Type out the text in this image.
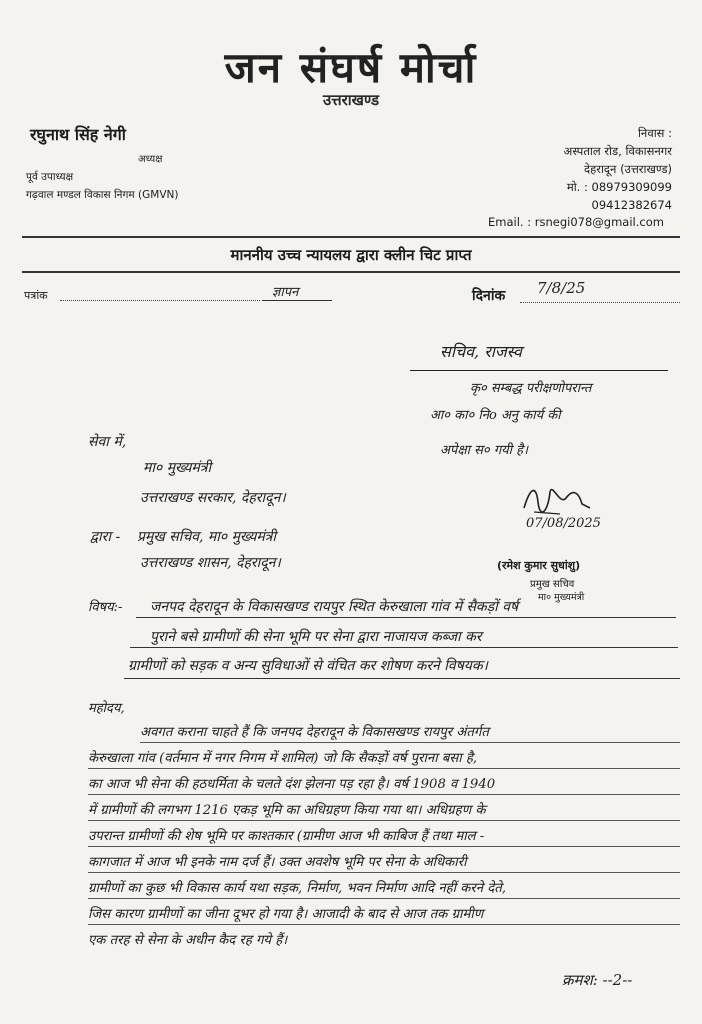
जन संघर्ष मोर्चा
उत्तराखण्ड
रघुनाथ सिंह नेगी
अध्यक्ष
पूर्व उपाध्यक्ष
गढ़वाल मण्डल विकास निगम (GMVN)
निवास :
अस्पताल रोड, विकासनगर
देहरादून (उत्तराखण्ड)
मो. : 08979309099
09412382674
Email. : rsnegi078@gmail.com
माननीय उच्च न्यायलय द्वारा क्लीन चिट प्राप्त
पत्रांक	ज्ञापन	दिनांक 7/8/25
सचिव, राजस्व
कृ० सम्बद्ध परीक्षणोपरान्त
आ० का० निo अनु कार्य की
अपेक्षा स० गयी है।
07/08/2025
(रमेश कुमार सुधांशु)
प्रमुख सचिव
मा० मुख्यमंत्री
सेवा में,
मा० मुख्यमंत्री
उत्तराखण्ड सरकार, देहरादून।
द्वारा - प्रमुख सचिव, मा० मुख्यमंत्री
उत्तराखण्ड शासन, देहरादून।
विषय:- जनपद देहरादून के विकासखण्ड रायपुर स्थित केरुखाला गांव में सैकड़ों वर्ष
पुराने बसे ग्रामीणों की सेना भूमि पर सेना द्वारा नाजायज कब्जा कर
ग्रामीणों को सड़क व अन्य सुविधाओं से वंचित कर शोषण करने विषयक।
महोदय,
अवगत कराना चाहते हैं कि जनपद देहरादून के विकासखण्ड रायपुर अंतर्गत
केरुखाला गांव (वर्तमान में नगर निगम में शामिल) जो कि सैकड़ों वर्ष पुराना बसा है,
का आज भी सेना की हठधर्मिता के चलते दंश झेलना पड़ रहा है। वर्ष 1908 व 1940
में ग्रामीणों की लगभग 1216 एकड़ भूमि का अधिग्रहण किया गया था। अधिग्रहण के
उपरान्त ग्रामीणों की शेष भूमि पर काश्तकार (ग्रामीण आज भी काबिज हैं तथा माल -
कागजात में आज भी इनके नाम दर्ज हैं। उक्त अवशेष भूमि पर सेना के अधिकारी
ग्रामीणों का कुछ भी विकास कार्य यथा सड़क, निर्माण, भवन निर्माण आदि नहीं करने देते,
जिस कारण ग्रामीणों का जीना दूभर हो गया है। आजादी के बाद से आज तक ग्रामीण
एक तरह से सेना के अधीन कैद रह गये हैं।
क्रमश: --2--
